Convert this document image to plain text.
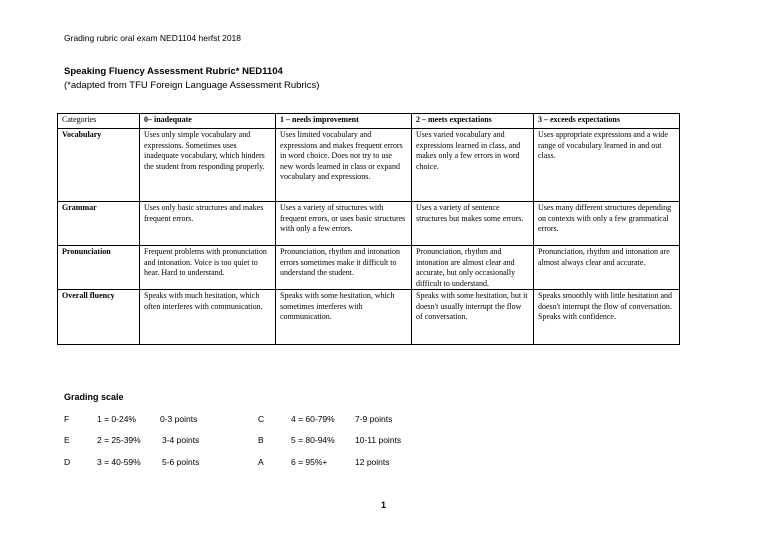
Grading rubric oral exam NED1104 herfst 2018
Speaking Fluency Assessment Rubric* NED1104
(*adapted from TFU Foreign Language Assessment Rubrics)
Categories	0– inadequate	1 – needs improvement	2 – meets expectations	3 – exceeds expectations
Vocabulary	Uses only simple vocabulary and expressions. Sometimes uses inadequate vocabulary, which hinders the student from responding properly.	Uses limited vocabulary and expressions and makes frequent errors in word choice. Does not try to use new words learned in class or expand vocabulary and expressions.	Uses varied vocabulary and expressions learned in class, and makes only a few errors in word choice.	Uses appropriate expressions and a wide range of vocabulary learned in and out class.
Grammar	Uses only basic structures and makes frequent errors.	Uses a variety of structures with frequent errors, or uses basic structures with only a few errors.	Uses a variety of sentence structures but makes some errors.	Uses many different structures depending on contexts with only a few grammatical errors.
Pronunciation	Frequent problems with pronunciation and intonation. Voice is too quiet to hear. Hard to understand.	Pronunciation, rhythm and intonation errors sometimes make it difficult to understand the student.	Pronunciation, rhythm and intonation are almost clear and accurate, but only occasionally difficult to understand.	Pronunciation, rhythm and intonation are almost always clear and accurate.
Overall fluency	Speaks with much hesitation, which often interferes with communication.	Speaks with some hesitation, which sometimes interferes with communication.	Speaks with some hesitation, but it doesn't usually interrupt the flow of conversation.	Speaks smoothly with little hesitation and doesn't interrupt the flow of conversation. Speaks with confidence.
Grading scale
F	1 = 0-24%	0-3 points
E	2 = 25-39%	3-4 points
D	3 = 40-59%	5-6 points
C	4 = 60-79% 7-9 points
B	5 = 80-94% 10-11 points
A	6 = 95%+	12 points
1
